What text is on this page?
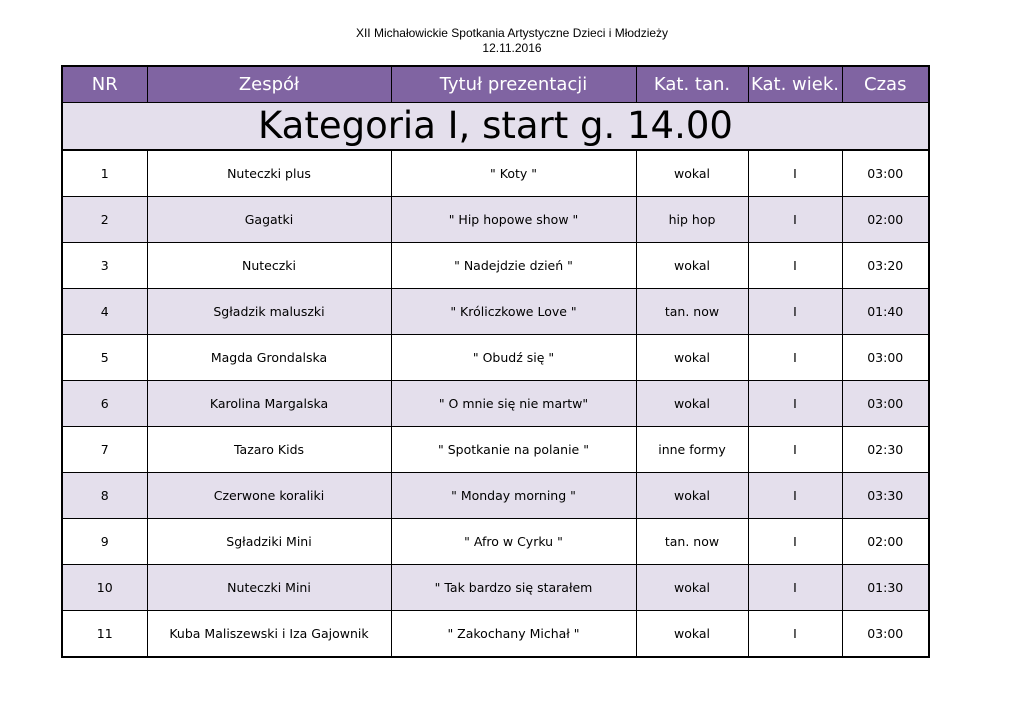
XII Michałowickie Spotkania Artystyczne Dzieci i Młodzieży
12.11.2016
NR	Zespół	Tytuł prezentacji	Kat. tan.	Kat. wiek.	Czas
Kategoria I, start g. 14.00					
1	Nuteczki plus	" Koty "	wokal	I	03:00
2	Gagatki	" Hip hopowe show "	hip hop	I	02:00
3	Nuteczki	" Nadejdzie dzień "	wokal	I	03:20
4	Sgładzik maluszki	" Króliczkowe Love "	tan. now	I	01:40
5	Magda Grondalska	" Obudź się "	wokal	I	03:00
6	Karolina Margalska	" O mnie się nie martw"	wokal	I	03:00
7	Tazaro Kids	" Spotkanie na polanie "	inne formy	I	02:30
8	Czerwone koraliki	" Monday morning "	wokal	I	03:30
9	Sgładziki Mini	" Afro w Cyrku "	tan. now	I	02:00
10	Nuteczki Mini	" Tak bardzo się starałem	wokal	I	01:30
11	Kuba Maliszewski i Iza Gajownik	" Zakochany Michał "	wokal	I	03:00
